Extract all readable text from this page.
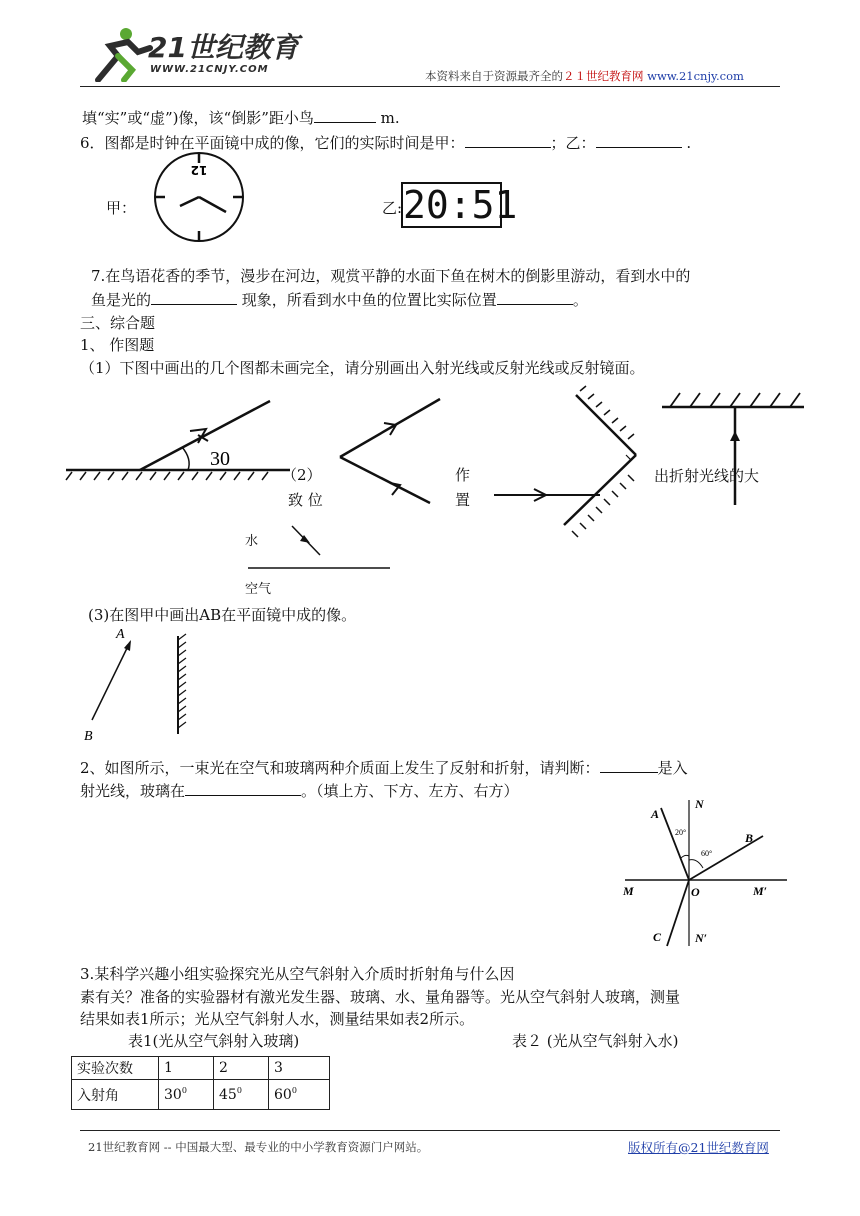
21世纪教育
WWW.21CNJY.COM	本资料来自于资源最齐全的２１世纪教育网 www.21cnjy.com
填“实”或“虚”)像，该“倒影”距小鸟	m.
6．图都是时钟在平面镜中成的像，它们的实际时间是甲：	；乙：	.
甲：
12
乙: 20:51
7.在鸟语花香的季节，漫步在河边，观赏平静的水面下鱼在树木的倒影里游动，看到水中的
鱼是光的	现象，所看到水中鱼的位置比实际位置	。
三、综合题
1、 作图题
（1）下图中画出的几个图都未画完全，请分别画出入射光线或反射光线或反射镜面。
30
（2）
致 位
作
置
出折射光线的大
水
空气
(3)在图甲中画出AB在平面镜中成的像。
A
B
2、如图所示，一束光在空气和玻璃两种介质面上发生了反射和折射，请判断：	是入
射光线，玻璃在	。（填上方、下方、左方、右方）
N
A
20°
60°
B
M	O	M′
C	N′
3.某科学兴趣小组实验探究光从空气斜射入介质时折射角与什么因
素有关？准备的实验器材有激光发生器、玻璃、水、量角器等。光从空气斜射人玻璃，测量
结果如表1所示；光从空气斜射人水，测量结果如表2所示。
表1(光从空气斜射入玻璃)	表２ (光从空气斜射入水)
实验次数	1	2	3
入射角	$30^0$	$45^0$	$60^0$
21世纪教育网 -- 中国最大型、最专业的中小学教育资源门户网站。	版权所有@21世纪教育网
